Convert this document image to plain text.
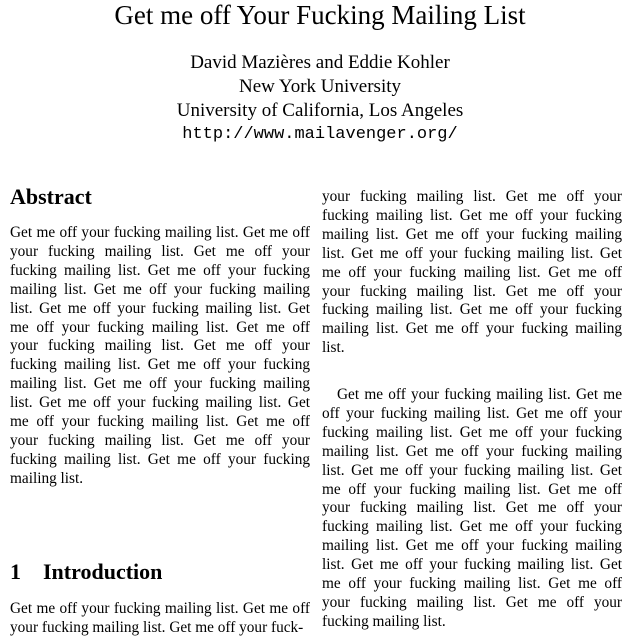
Get me off Your Fucking Mailing List
David Mazières and Eddie Kohler
New York University
University of California, Los Angeles
http://www.mailavenger.org/
Abstract

Get me off your fucking mailing list. Get me off your fucking mailing list. Get me off your fucking mailing list. Get me off your fucking mailing list. Get me off your fucking mailing list. Get me off your fucking mailing list. Get me off your fucking mailing list. Get me off your fucking mailing list. Get me off your fucking mailing list. Get me off your fucking mailing list. Get me off your fucking mailing list. Get me off your fucking mailing list. Get me off your fucking mailing list. Get me off your fucking mailing list. Get me off your fucking mailing list. Get me off your fucking mailing list.

1 Introduction

Get me off your fucking mailing list. Get me off your fucking mailing list. Get me off your fuck-

your fucking mailing list. Get me off your fucking mailing list. Get me off your fucking mailing list. Get me off your fucking mailing list. Get me off your fucking mailing list. Get me off your fucking mailing list. Get me off your fucking mailing list. Get me off your fucking mailing list. Get me off your fucking mailing list. Get me off your fucking mailing list.

Get me off your fucking mailing list. Get me off your fucking mailing list. Get me off your fucking mailing list. Get me off your fucking mailing list. Get me off your fucking mailing list. Get me off your fucking mailing list. Get me off your fucking mailing list. Get me off your fucking mailing list. Get me off your fucking mailing list. Get me off your fucking mailing list. Get me off your fucking mailing list. Get me off your fucking mailing list. Get me off your fucking mailing list. Get me off your fucking mailing list. Get me off your fucking mailing list.
